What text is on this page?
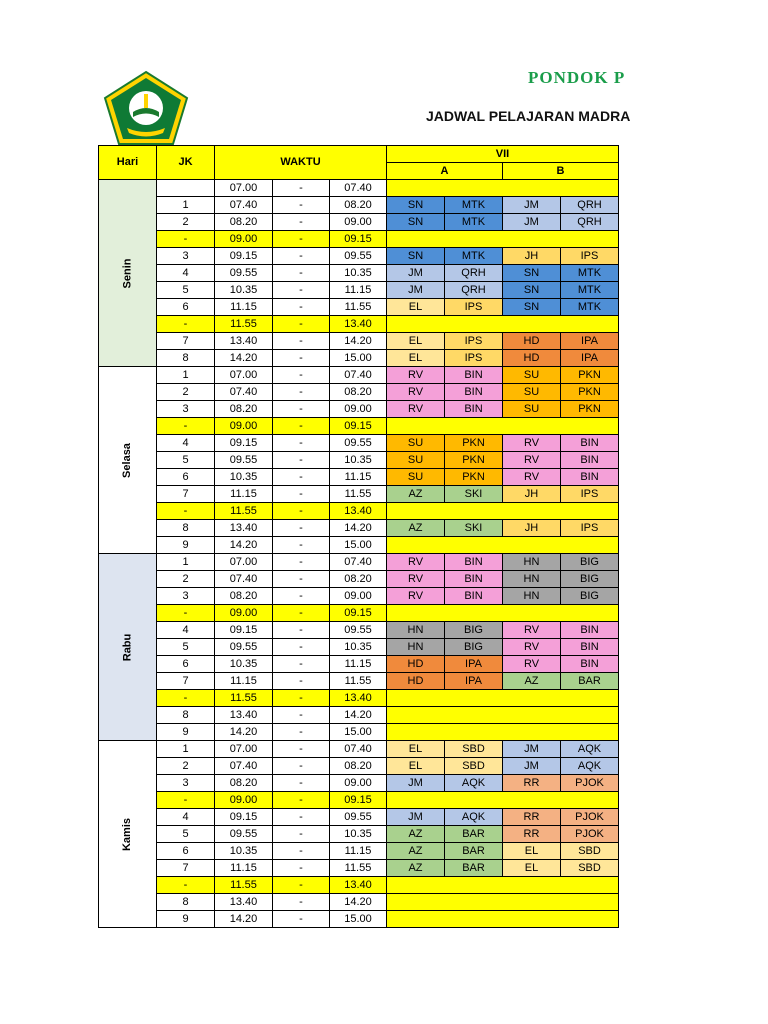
PONDOK P
JADWAL PELAJARAN MADRA
Hari	JK	WAKTU			VII			
					A		B	
Senin		07.00	-	07.40				
	1	07.40	-	08.20	SN	MTK	JM	QRH
	2	08.20	-	09.00	SN	MTK	JM	QRH
	-	09.00	-	09.15				
	3	09.15	-	09.55	SN	MTK	JH	IPS
	4	09.55	-	10.35	JM	QRH	SN	MTK
	5	10.35	-	11.15	JM	QRH	SN	MTK
	6	11.15	-	11.55	EL	IPS	SN	MTK
	-	11.55	-	13.40				
	7	13.40	-	14.20	EL	IPS	HD	IPA
	8	14.20	-	15.00	EL	IPS	HD	IPA
Selasa	1	07.00	-	07.40	RV	BIN	SU	PKN
	2	07.40	-	08.20	RV	BIN	SU	PKN
	3	08.20	-	09.00	RV	BIN	SU	PKN
	-	09.00	-	09.15				
	4	09.15	-	09.55	SU	PKN	RV	BIN
	5	09.55	-	10.35	SU	PKN	RV	BIN
	6	10.35	-	11.15	SU	PKN	RV	BIN
	7	11.15	-	11.55	AZ	SKI	JH	IPS
	-	11.55	-	13.40				
	8	13.40	-	14.20	AZ	SKI	JH	IPS
	9	14.20	-	15.00				
Rabu	1	07.00	-	07.40	RV	BIN	HN	BIG
	2	07.40	-	08.20	RV	BIN	HN	BIG
	3	08.20	-	09.00	RV	BIN	HN	BIG
	-	09.00	-	09.15				
	4	09.15	-	09.55	HN	BIG	RV	BIN
	5	09.55	-	10.35	HN	BIG	RV	BIN
	6	10.35	-	11.15	HD	IPA	RV	BIN
	7	11.15	-	11.55	HD	IPA	AZ	BAR
	-	11.55	-	13.40				
	8	13.40	-	14.20				
	9	14.20	-	15.00				
Kamis	1	07.00	-	07.40	EL	SBD	JM	AQK
	2	07.40	-	08.20	EL	SBD	JM	AQK
	3	08.20	-	09.00	JM	AQK	RR	PJOK
	-	09.00	-	09.15				
	4	09.15	-	09.55	JM	AQK	RR	PJOK
	5	09.55	-	10.35	AZ	BAR	RR	PJOK
	6	10.35	-	11.15	AZ	BAR	EL	SBD
	7	11.15	-	11.55	AZ	BAR	EL	SBD
	-	11.55	-	13.40				
	8	13.40	-	14.20				
	9	14.20	-	15.00				
